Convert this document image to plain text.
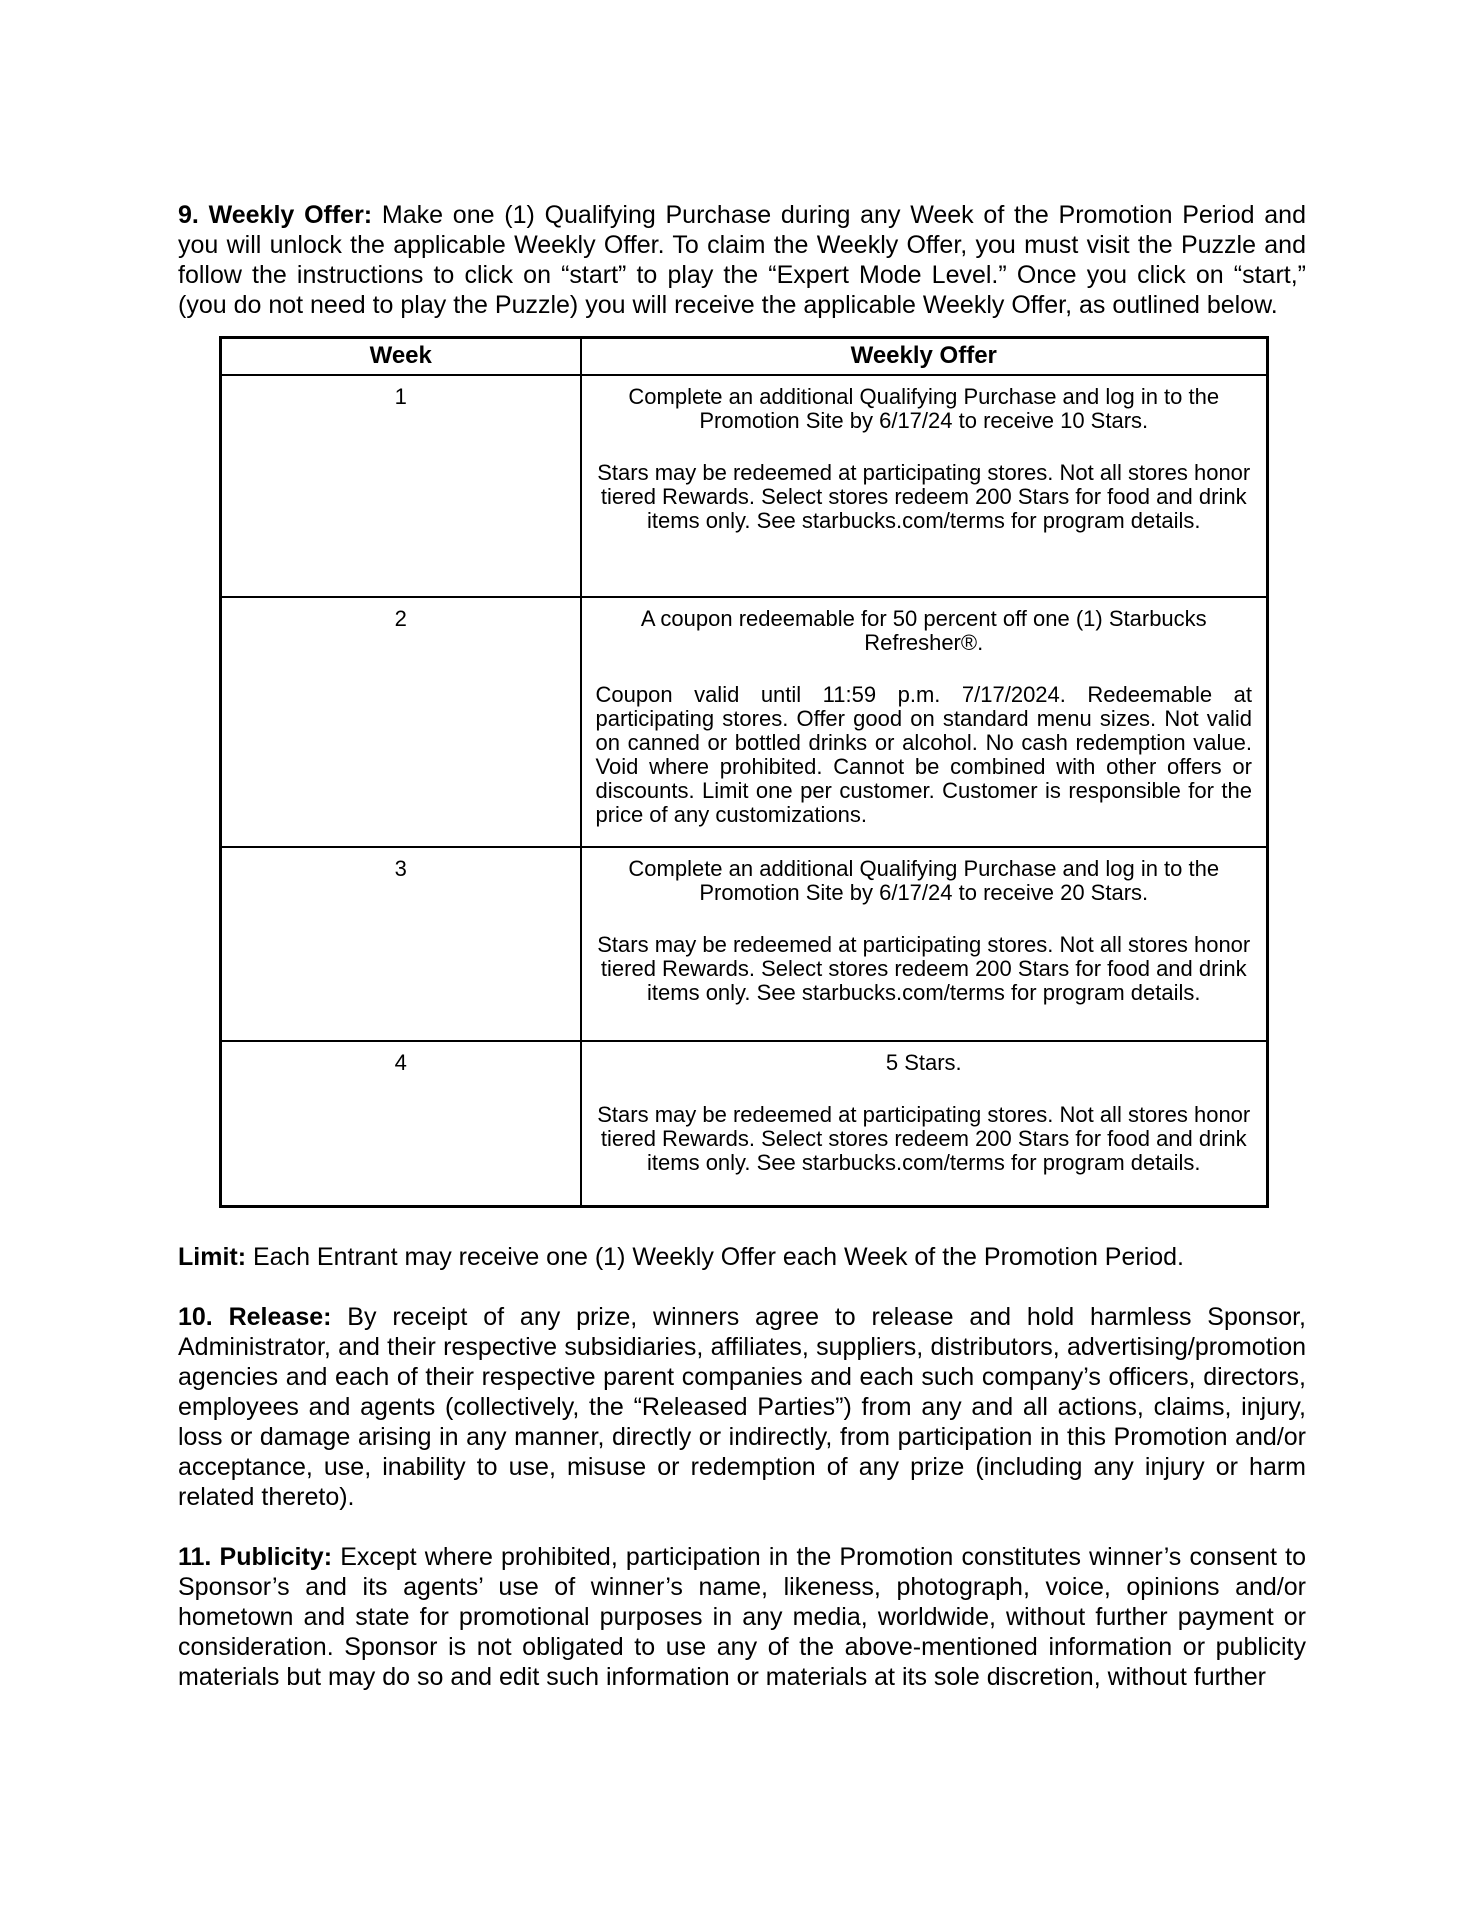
9. Weekly Offer: Make one (1) Qualifying Purchase during any Week of the Promotion Period and you will unlock the applicable Weekly Offer. To claim the Weekly Offer, you must visit the Puzzle and follow the instructions to click on “start” to play the “Expert Mode Level.” Once you click on “start,” (you do not need to play the Puzzle) you will receive the applicable Weekly Offer, as outlined below.

Week	Weekly Offer
1	Complete an additional Qualifying Purchase and log in to the Promotion Site by 6/17/24 to receive 10 Stars.

Stars may be redeemed at participating stores. Not all stores honor tiered Rewards. Select stores redeem 200 Stars for food and drink items only. See starbucks.com/terms for program details.

2	A coupon redeemable for 50 percent off one (1) Starbucks Refresher®.

Coupon valid until 11:59 p.m. 7/17/2024. Redeemable at participating stores. Offer good on standard menu sizes. Not valid on canned or bottled drinks or alcohol. No cash redemption value. Void where prohibited. Cannot be combined with other offers or discounts. Limit one per customer. Customer is responsible for the price of any customizations.

3	Complete an additional Qualifying Purchase and log in to the Promotion Site by 6/17/24 to receive 20 Stars.

Stars may be redeemed at participating stores. Not all stores honor tiered Rewards. Select stores redeem 200 Stars for food and drink items only. See starbucks.com/terms for program details.

4	5 Stars.

Stars may be redeemed at participating stores. Not all stores honor tiered Rewards. Select stores redeem 200 Stars for food and drink items only. See starbucks.com/terms for program details.

Limit: Each Entrant may receive one (1) Weekly Offer each Week of the Promotion Period.

10. Release: By receipt of any prize, winners agree to release and hold harmless Sponsor, Administrator, and their respective subsidiaries, affiliates, suppliers, distributors, advertising/promotion agencies and each of their respective parent companies and each such company’s officers, directors, employees and agents (collectively, the “Released Parties”) from any and all actions, claims, injury, loss or damage arising in any manner, directly or indirectly, from participation in this Promotion and/or acceptance, use, inability to use, misuse or redemption of any prize (including any injury or harm related thereto).

11. Publicity: Except where prohibited, participation in the Promotion constitutes winner’s consent to Sponsor’s and its agents’ use of winner’s name, likeness, photograph, voice, opinions and/or hometown and state for promotional purposes in any media, worldwide, without further payment or consideration. Sponsor is not obligated to use any of the above-mentioned information or publicity materials but may do so and edit such information or materials at its sole discretion, without further
